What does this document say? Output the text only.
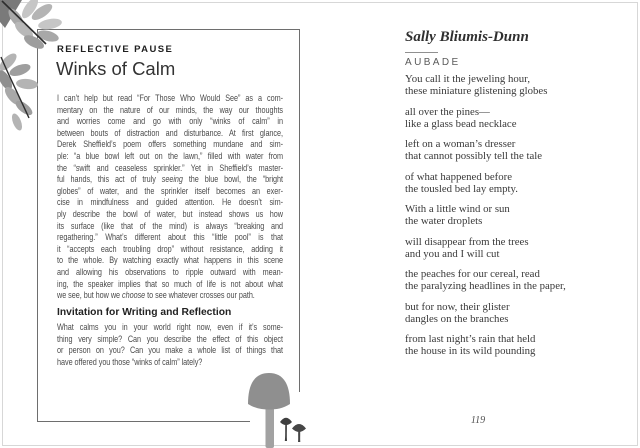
REFLECTIVE PAUSE
Winks of Calm
I can’t help but read “For Those Who Would See” as a com-
mentary on the nature of our minds, the way our thoughts
and worries come and go with only “winks of calm” in
between bouts of distraction and disturbance. At first glance,
Derek Sheffield’s poem offers something mundane and sim-
ple: “a blue bowl left out on the lawn,” filled with water from
the “swift and ceaseless sprinkler.” Yet in Sheffield’s master-
ful hands, this act of truly seeing the blue bowl, the “bright
globes” of water, and the sprinkler itself becomes an exer-
cise in mindfulness and guided attention. He doesn’t sim-
ply describe the bowl of water, but instead shows us how
its surface (like that of the mind) is always “breaking and
regathering.” What’s different about this “little pool” is that
it “accepts each troubling drop” without resistance, adding it
to the whole. By watching exactly what happens in this scene
and allowing his observations to ripple outward with mean-
ing, the speaker implies that so much of life is not about what
we see, but how we choose to see whatever crosses our path.
Invitation for Writing and Reflection
What calms you in your world right now, even if it’s some-
thing very simple? Can you describe the effect of this object
or person on you? Can you make a whole list of things that
have offered you those “winks of calm” lately?
Sally Bliumis-Dunn
AUBADE
You call it the jeweling hour,
these miniature glistening globes
all over the pines—
like a glass bead necklace
left on a woman’s dresser
that cannot possibly tell the tale
of what happened before
the tousled bed lay empty.
With a little wind or sun
the water droplets
will disappear from the trees
and you and I will cut
the peaches for our cereal, read
the paralyzing headlines in the paper,
but for now, their glister
dangles on the branches
from last night’s rain that held
the house in its wild pounding
119
